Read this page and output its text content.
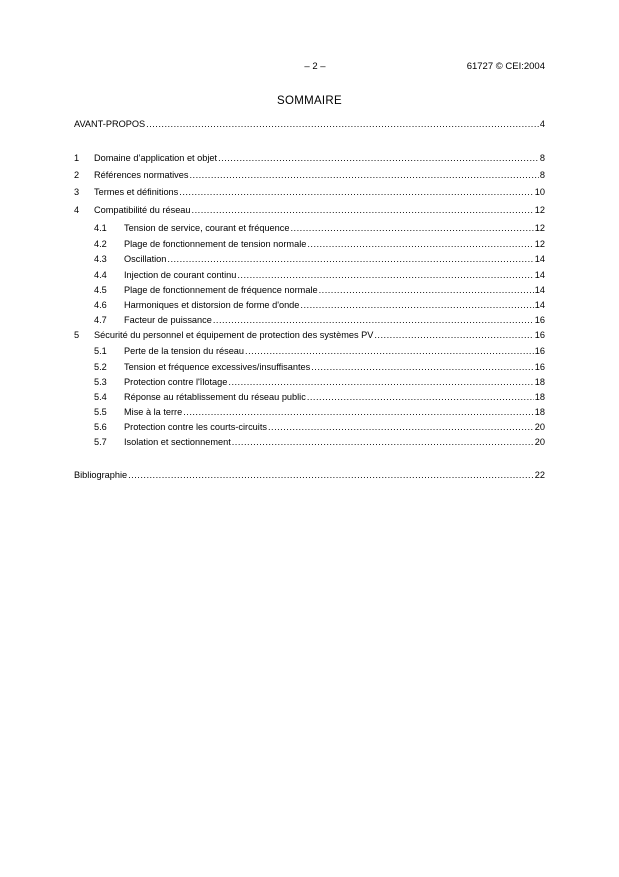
– 2 –	61727 © CEI:2004
SOMMAIRE
AVANT-PROPOS .....	4
1	Domaine d’application et objet .....	8
2	Références normatives .....	8
3	Termes et définitions .....	10
4	Compatibilité du réseau .....	12
4.1	Tension de service, courant et fréquence .....	12
4.2	Plage de fonctionnement de tension normale .....	12
4.3	Oscillation .....	14
4.4	Injection de courant continu .....	14
4.5	Plage de fonctionnement de fréquence normale .....	14
4.6	Harmoniques et distorsion de forme d'onde .....	14
4.7	Facteur de puissance .....	16
5	Sécurité du personnel et équipement de protection des systèmes PV .....	16
5.1	Perte de la tension du réseau .....	16
5.2	Tension et fréquence excessives/insuffisantes .....	16
5.3	Protection contre l'îlotage .....	18
5.4	Réponse au rétablissement du réseau public .....	18
5.5	Mise à la terre .....	18
5.6	Protection contre les courts-circuits .....	20
5.7	Isolation et sectionnement .....	20
Bibliographie .....	22
